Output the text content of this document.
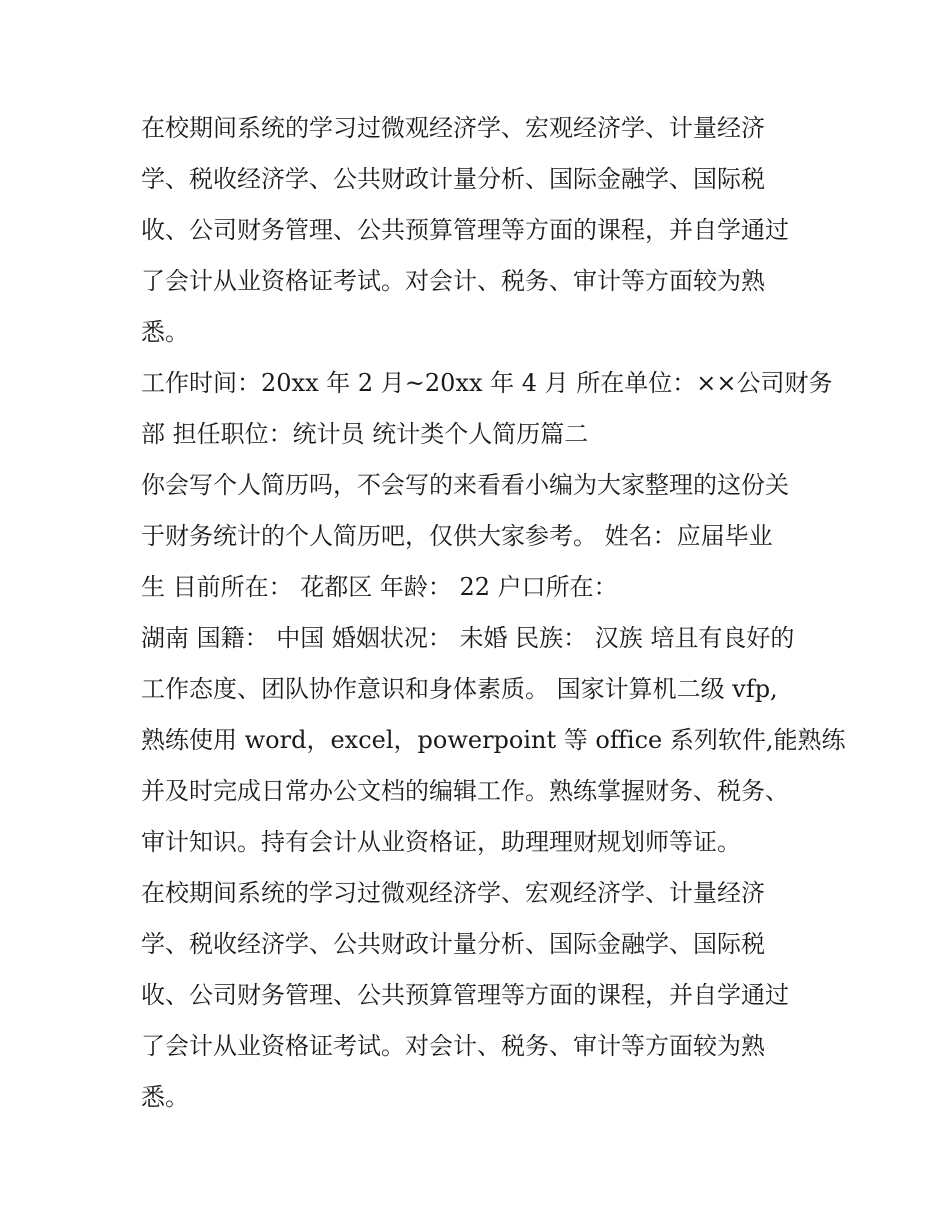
在校期间系统的学习过微观经济学、宏观经济学、计量经济
学、税收经济学、公共财政计量分析、国际金融学、国际税
收、公司财务管理、公共预算管理等方面的课程，并自学通过
了会计从业资格证考试。对会计、税务、审计等方面较为熟
悉。
工作时间：20xx 年 2 月~20xx 年 4 月 所在单位：××公司财务
部 担任职位：统计员 统计类个人简历篇二
你会写个人简历吗，不会写的来看看小编为大家整理的这份关
于财务统计的个人简历吧，仅供大家参考。 姓名：应届毕业
生 目前所在： 花都区 年龄： 22 户口所在：
湖南 国籍： 中国 婚姻状况： 未婚 民族： 汉族 培且有良好的
工作态度、团队协作意识和身体素质。 国家计算机二级 vfp,
熟练使用 word，excel，powerpoint 等 office 系列软件,能熟练
并及时完成日常办公文档的编辑工作。熟练掌握财务、税务、
审计知识。持有会计从业资格证，助理理财规划师等证。
在校期间系统的学习过微观经济学、宏观经济学、计量经济
学、税收经济学、公共财政计量分析、国际金融学、国际税
收、公司财务管理、公共预算管理等方面的课程，并自学通过
了会计从业资格证考试。对会计、税务、审计等方面较为熟
悉。
